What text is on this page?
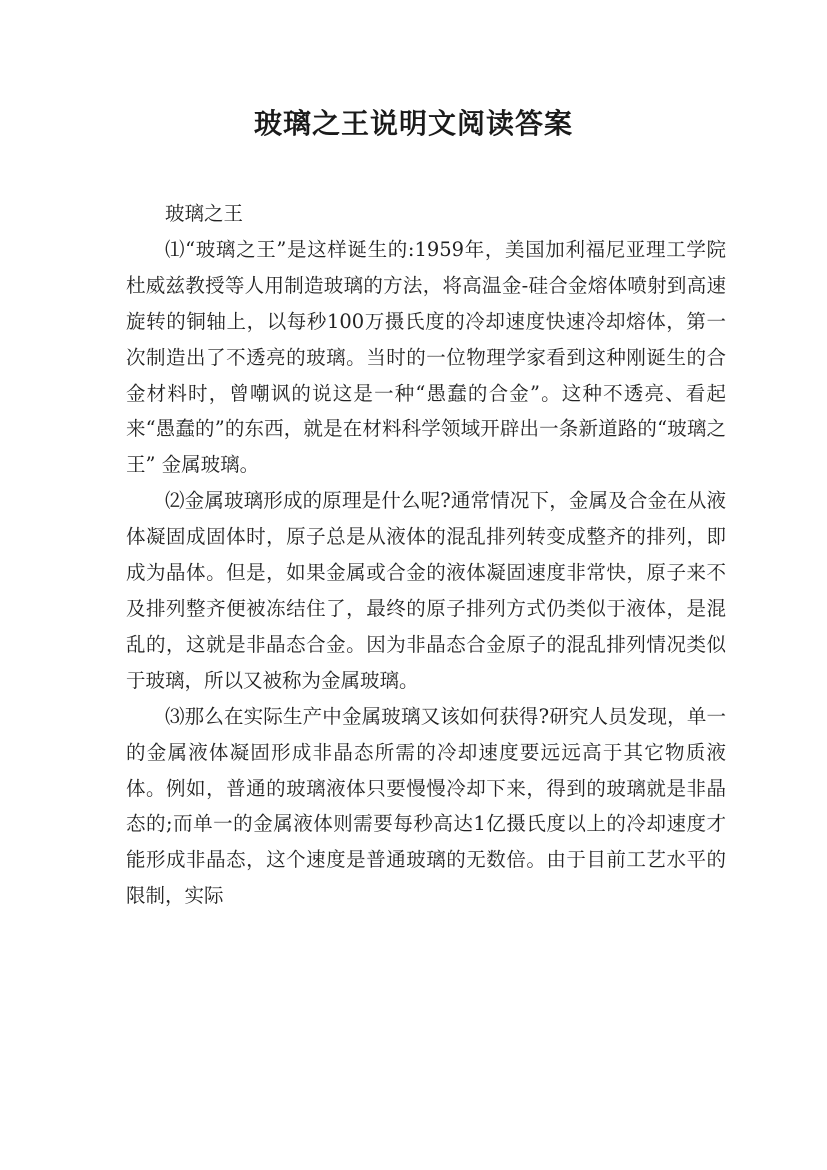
玻璃之王说明文阅读答案

玻璃之王

⑴“玻璃之王”是这样诞生的:1959年，美国加利福尼亚理工学院杜威兹教授等人用制造玻璃的方法，将高温金-硅合金熔体喷射到高速旋转的铜轴上，以每秒100万摄氏度的冷却速度快速冷却熔体，第一次制造出了不透亮的玻璃。当时的一位物理学家看到这种刚诞生的合金材料时，曾嘲讽的说这是一种“愚蠢的合金”。这种不透亮、看起来“愚蠢的”的东西，就是在材料科学领域开辟出一条新道路的“玻璃之王” 金属玻璃。

⑵金属玻璃形成的原理是什么呢?通常情况下，金属及合金在从液体凝固成固体时，原子总是从液体的混乱排列转变成整齐的排列，即成为晶体。但是，如果金属或合金的液体凝固速度非常快，原子来不及排列整齐便被冻结住了，最终的原子排列方式仍类似于液体，是混乱的，这就是非晶态合金。因为非晶态合金原子的混乱排列情况类似于玻璃，所以又被称为金属玻璃。

⑶那么在实际生产中金属玻璃又该如何获得?研究人员发现，单一的金属液体凝固形成非晶态所需的冷却速度要远远高于其它物质液体。例如，普通的玻璃液体只要慢慢冷却下来，得到的玻璃就是非晶态的;而单一的金属液体则需要每秒高达1亿摄氏度以上的冷却速度才能形成非晶态，这个速度是普通玻璃的无数倍。由于目前工艺水平的限制，实际
